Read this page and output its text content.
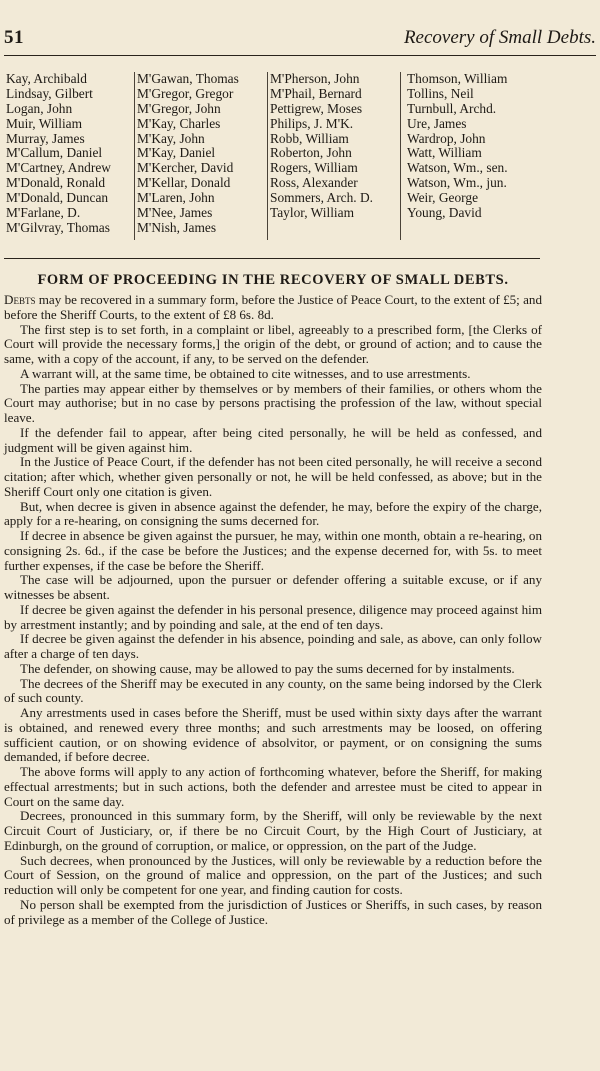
51	Recovery of Small Debts.
Kay, Archibald
Lindsay, Gilbert
Logan, John
Muir, William
Murray, James
M'Callum, Daniel
M'Cartney, Andrew
M'Donald, Ronald
M'Donald, Duncan
M'Farlane, D.
M'Gilvray, Thomas
M'Gawan, Thomas
M'Gregor, Gregor
M'Gregor, John
M'Kay, Charles
M'Kay, John
M'Kay, Daniel
M'Kercher, David
M'Kellar, Donald
M'Laren, John
M'Nee, James
M'Nish, James
M'Pherson, John
M'Phail, Bernard
Pettigrew, Moses
Philips, J. M'K.
Robb, William
Roberton, John
Rogers, William
Ross, Alexander
Sommers, Arch. D.
Taylor, William
Thomson, William
Tollins, Neil
Turnbull, Archd.
Ure, James
Wardrop, John
Watt, William
Watson, Wm., sen.
Watson, Wm., jun.
Weir, George
Young, David
FORM OF PROCEEDING IN THE RECOVERY OF SMALL DEBTS.

Debts may be recovered in a summary form, before the Justice of Peace Court, to the extent of £5; and before the Sheriff Courts, to the extent of £8 6s. 8d.

The first step is to set forth, in a complaint or libel, agreeably to a prescribed form, [the Clerks of Court will provide the necessary forms,] the origin of the debt, or ground of action; and to cause the same, with a copy of the account, if any, to be served on the defender.

A warrant will, at the same time, be obtained to cite witnesses, and to use arrestments.

The parties may appear either by themselves or by members of their families, or others whom the Court may authorise; but in no case by persons practising the profession of the law, without special leave.

If the defender fail to appear, after being cited personally, he will be held as confessed, and judgment will be given against him.

In the Justice of Peace Court, if the defender has not been cited personally, he will receive a second citation; after which, whether given personally or not, he will be held confessed, as above; but in the Sheriff Court only one citation is given.

But, when decree is given in absence against the defender, he may, before the expiry of the charge, apply for a re-hearing, on consigning the sums decerned for.

If decree in absence be given against the pursuer, he may, within one month, obtain a re-hearing, on consigning 2s. 6d., if the case be before the Justices; and the expense decerned for, with 5s. to meet further expenses, if the case be before the Sheriff.

The case will be adjourned, upon the pursuer or defender offering a suitable excuse, or if any witnesses be absent.

If decree be given against the defender in his personal presence, diligence may proceed against him by arrestment instantly; and by poinding and sale, at the end of ten days.

If decree be given against the defender in his absence, poinding and sale, as above, can only follow after a charge of ten days.

The defender, on showing cause, may be allowed to pay the sums decerned for by instalments.

The decrees of the Sheriff may be executed in any county, on the same being indorsed by the Clerk of such county.

Any arrestments used in cases before the Sheriff, must be used within sixty days after the warrant is obtained, and renewed every three months; and such arrestments may be loosed, on offering sufficient caution, or on showing evidence of absolvitor, or payment, or on consigning the sums demanded, if before decree.

The above forms will apply to any action of forthcoming whatever, before the Sheriff, for making effectual arrestments; but in such actions, both the defender and arrestee must be cited to appear in Court on the same day.

Decrees, pronounced in this summary form, by the Sheriff, will only be reviewable by the next Circuit Court of Justiciary, or, if there be no Circuit Court, by the High Court of Justiciary, at Edinburgh, on the ground of corruption, or malice, or oppression, on the part of the Judge.

Such decrees, when pronounced by the Justices, will only be reviewable by a reduction before the Court of Session, on the ground of malice and oppression, on the part of the Justices; and such reduction will only be competent for one year, and finding caution for costs.

No person shall be exempted from the jurisdiction of Justices or Sheriffs, in such cases, by reason of privilege as a member of the College of Justice.
